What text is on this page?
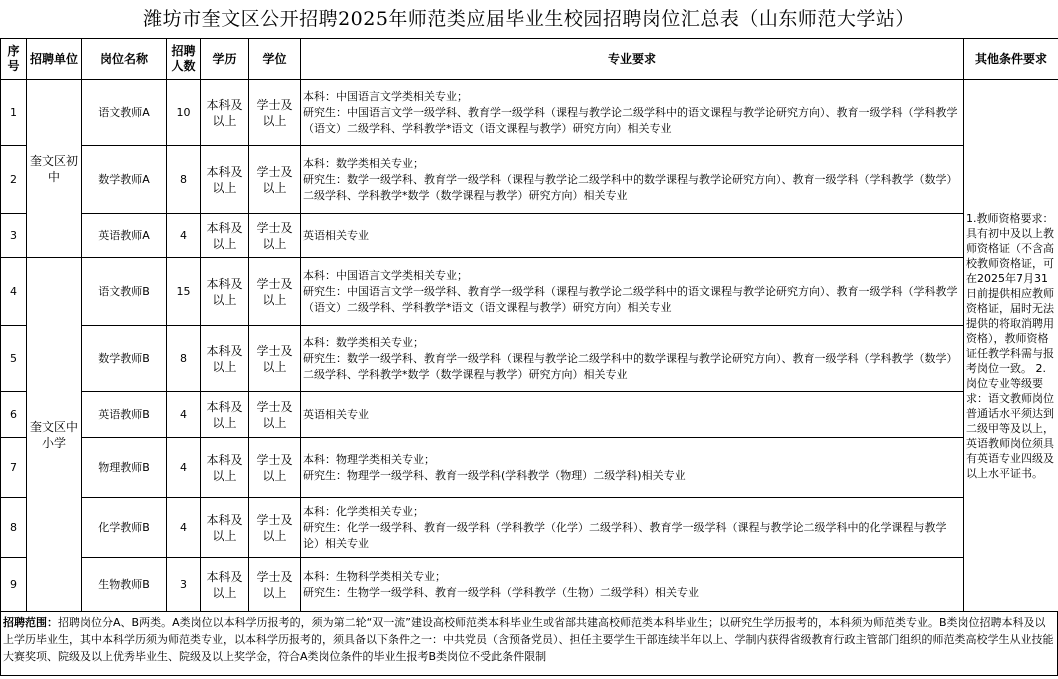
潍坊市奎文区公开招聘2025年师范类应届毕业生校园招聘岗位汇总表（山东师范大学站）
序号	招聘单位	岗位名称	招聘人数	学历	学位	专业要求	其他条件要求
1	奎文区初中	语文教师A	10	本科及以上	学士及以上	本科：中国语言文学类相关专业；
研究生：中国语言文学一级学科、教育学一级学科（课程与教学论二级学科中的语文课程与教学论研究方向）、教育一级学科（学科教学（语文）二级学科、学科教学*语文（语文课程与教学）研究方向）相关专业	1.教师资格要求：具有初中及以上教师资格证（不含高校教师资格证，可在2025年7月31日前提供相应教师资格证，届时无法提供的将取消聘用资格），教师资格证任教学科需与报考岗位一致。 2.岗位专业等级要求：语文教师岗位普通话水平须达到二级甲等及以上，英语教师岗位须具有英语专业四级及以上水平证书。
2		数学教师A	8	本科及以上	学士及以上	本科：数学类相关专业；
研究生：数学一级学科、教育学一级学科（课程与教学论二级学科中的数学课程与教学论研究方向）、教育一级学科（学科教学（数学）二级学科、学科教学*数学（数学课程与教学）研究方向）相关专业	
3		英语教师A	4	本科及以上	学士及以上	英语相关专业	
4	奎文区中小学	语文教师B	15	本科及以上	学士及以上	本科：中国语言文学类相关专业；
研究生：中国语言文学一级学科、教育学一级学科（课程与教学论二级学科中的语文课程与教学论研究方向）、教育一级学科（学科教学（语文）二级学科、学科教学*语文（语文课程与教学）研究方向）相关专业	
5		数学教师B	8	本科及以上	学士及以上	本科：数学类相关专业；
研究生：数学一级学科、教育学一级学科（课程与教学论二级学科中的数学课程与教学论研究方向）、教育一级学科（学科教学（数学）二级学科、学科教学*数学（数学课程与教学）研究方向）相关专业	
6		英语教师B	4	本科及以上	学士及以上	英语相关专业	
7		物理教师B	4	本科及以上	学士及以上	本科：物理学类相关专业；
研究生：物理学一级学科、教育一级学科(学科教学（物理）二级学科)相关专业	
8		化学教师B	4	本科及以上	学士及以上	本科：化学类相关专业；
研究生：化学一级学科、教育一级学科（学科教学（化学）二级学科）、教育学一级学科（课程与教学论二级学科中的化学课程与教学论）相关专业	
9		生物教师B	3	本科及以上	学士及以上	本科：生物科学类相关专业；
研究生：生物学一级学科、教育一级学科（学科教学（生物）二级学科）相关专业	
招聘范围：招聘岗位分A、B两类。A类岗位以本科学历报考的，须为第二轮“双一流”建设高校师范类本科毕业生或省部共建高校师范类本科毕业生；以研究生学历报考的，本科须为师范类专业。B类岗位招聘本科及以上学历毕业生，其中本科学历须为师范类专业，以本科学历报考的，须具备以下条件之一：中共党员（含预备党员）、担任主要学生干部连续半年以上、学制内获得省级教育行政主管部门组织的师范类高校学生从业技能大赛奖项、院级及以上优秀毕业生、院级及以上奖学金，符合A类岗位条件的毕业生报考B类岗位不受此条件限制
